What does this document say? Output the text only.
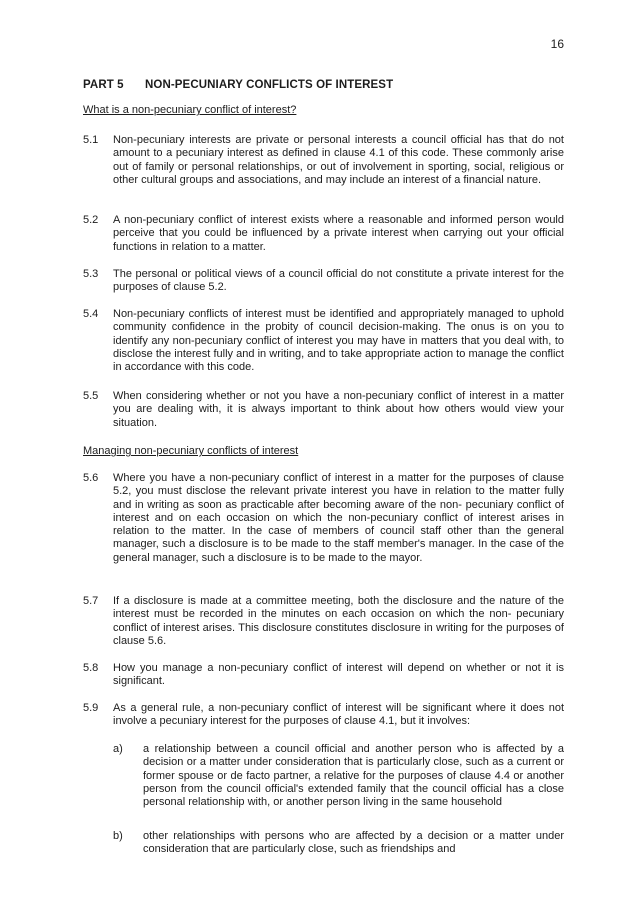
16
PART 5 NON-PECUNIARY CONFLICTS OF INTEREST
What is a non-pecuniary conflict of interest?
5.1 Non-pecuniary interests are private or personal interests a council official has that do not amount to a pecuniary interest as defined in clause 4.1 of this code. These commonly arise out of family or personal relationships, or out of involvement in sporting, social, religious or other cultural groups and associations, and may include an interest of a financial nature.
5.2 A non-pecuniary conflict of interest exists where a reasonable and informed person would perceive that you could be influenced by a private interest when carrying out your official functions in relation to a matter.
5.3 The personal or political views of a council official do not constitute a private interest for the purposes of clause 5.2.
5.4 Non-pecuniary conflicts of interest must be identified and appropriately managed to uphold community confidence in the probity of council decision-making. The onus is on you to identify any non-pecuniary conflict of interest you may have in matters that you deal with, to disclose the interest fully and in writing, and to take appropriate action to manage the conflict in accordance with this code.
5.5 When considering whether or not you have a non-pecuniary conflict of interest in a matter you are dealing with, it is always important to think about how others would view your situation.
Managing non-pecuniary conflicts of interest
5.6 Where you have a non-pecuniary conflict of interest in a matter for the purposes of clause 5.2, you must disclose the relevant private interest you have in relation to the matter fully and in writing as soon as practicable after becoming aware of the non- pecuniary conflict of interest and on each occasion on which the non-pecuniary conflict of interest arises in relation to the matter. In the case of members of council staff other than the general manager, such a disclosure is to be made to the staff member's manager. In the case of the general manager, such a disclosure is to be made to the mayor.
5.7 If a disclosure is made at a committee meeting, both the disclosure and the nature of the interest must be recorded in the minutes on each occasion on which the non- pecuniary conflict of interest arises. This disclosure constitutes disclosure in writing for the purposes of clause 5.6.
5.8 How you manage a non-pecuniary conflict of interest will depend on whether or not it is significant.
5.9 As a general rule, a non-pecuniary conflict of interest will be significant where it does not involve a pecuniary interest for the purposes of clause 4.1, but it involves:
a) a relationship between a council official and another person who is affected by a decision or a matter under consideration that is particularly close, such as a current or former spouse or de facto partner, a relative for the purposes of clause 4.4 or another person from the council official's extended family that the council official has a close personal relationship with, or another person living in the same household
b) other relationships with persons who are affected by a decision or a matter under consideration that are particularly close, such as friendships and
